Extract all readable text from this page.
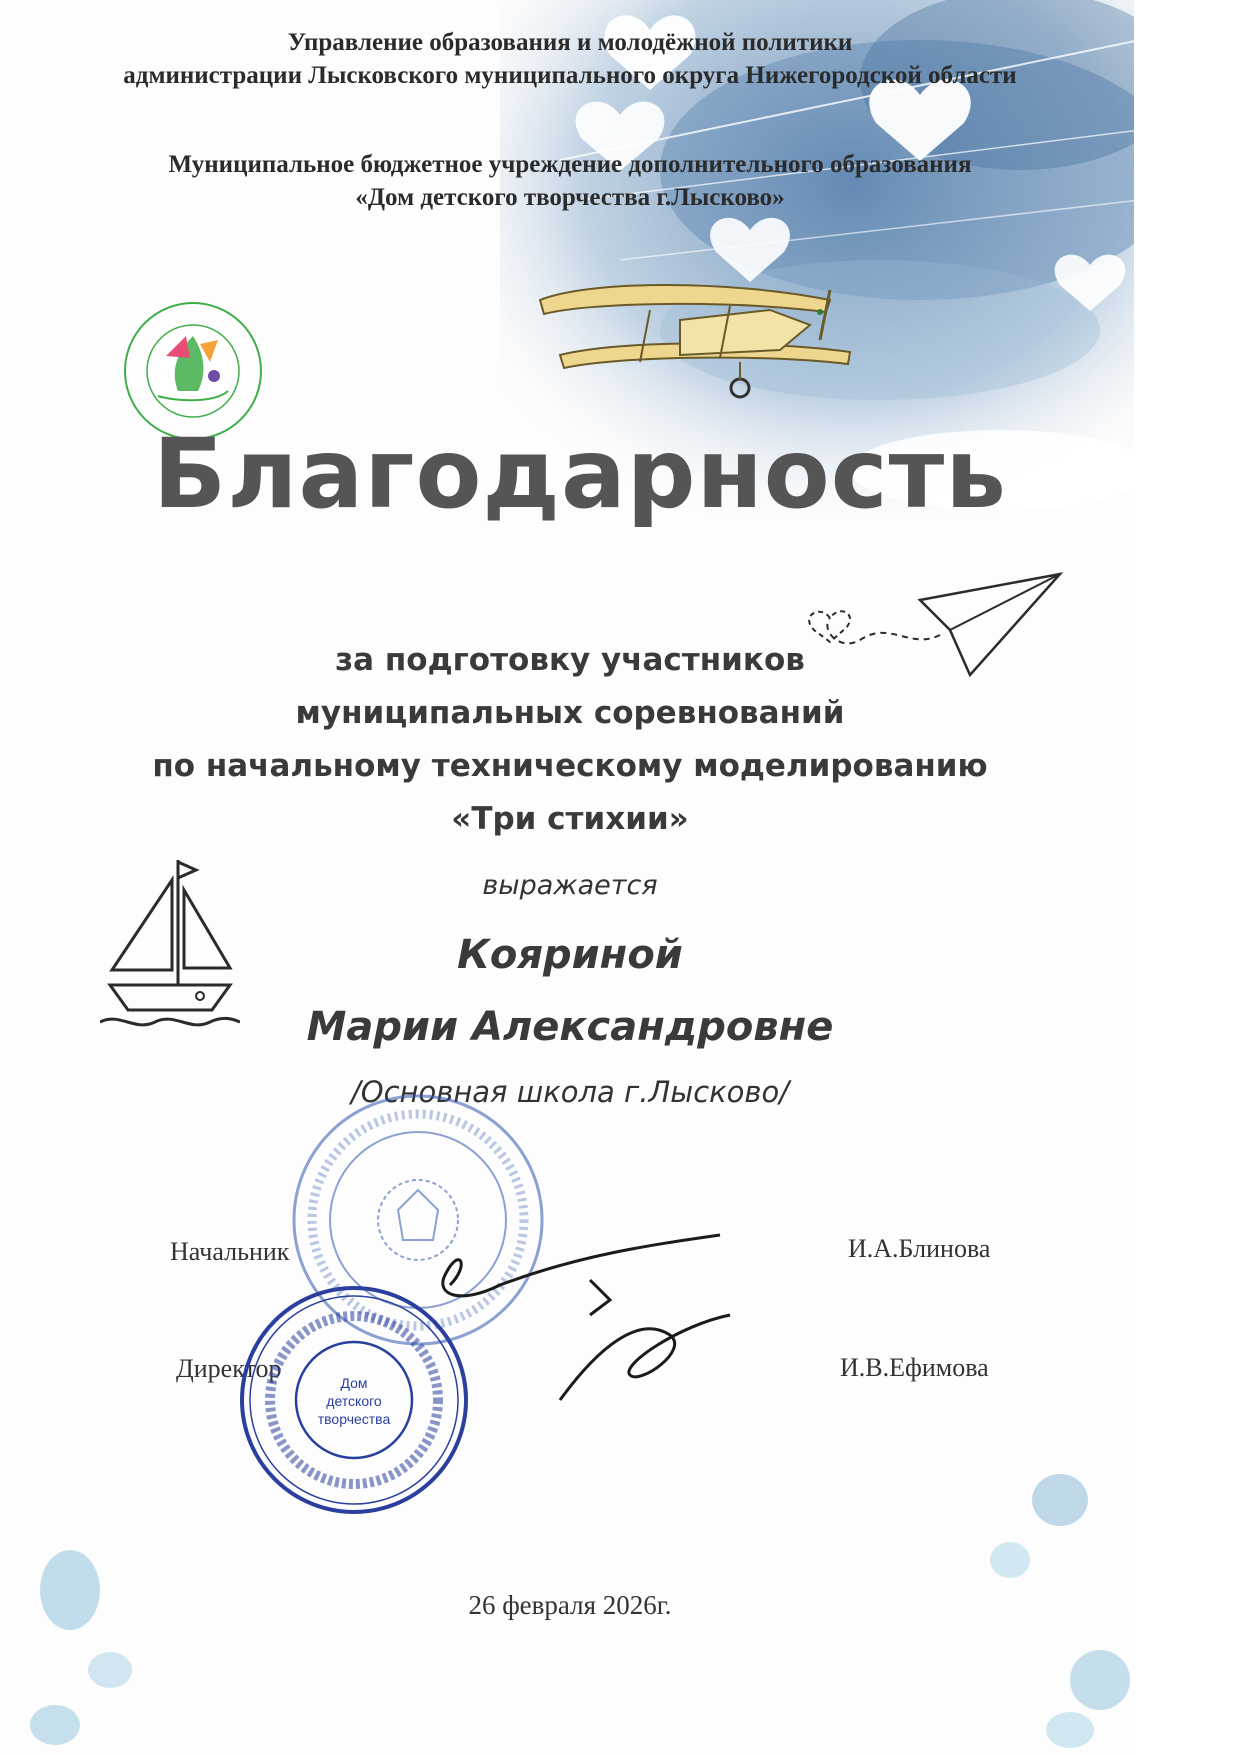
Управление образования и молодёжной политики
администрации Лысковского муниципального округа Нижегородской области
Муниципальное бюджетное учреждение дополнительного образования
«Дом детского творчества г.Лысково»
Благодарность
за подготовку участников
муниципальных соревнований
по начальному техническому моделированию
«Три стихии»
выражается
Кояриной
Марии Александровне
/Основная школа г.Лысково/
Начальник	И.А.Блинова
Директор	И.В.Ефимова
Дом
детского
творчества
26 февраля 2026г.
